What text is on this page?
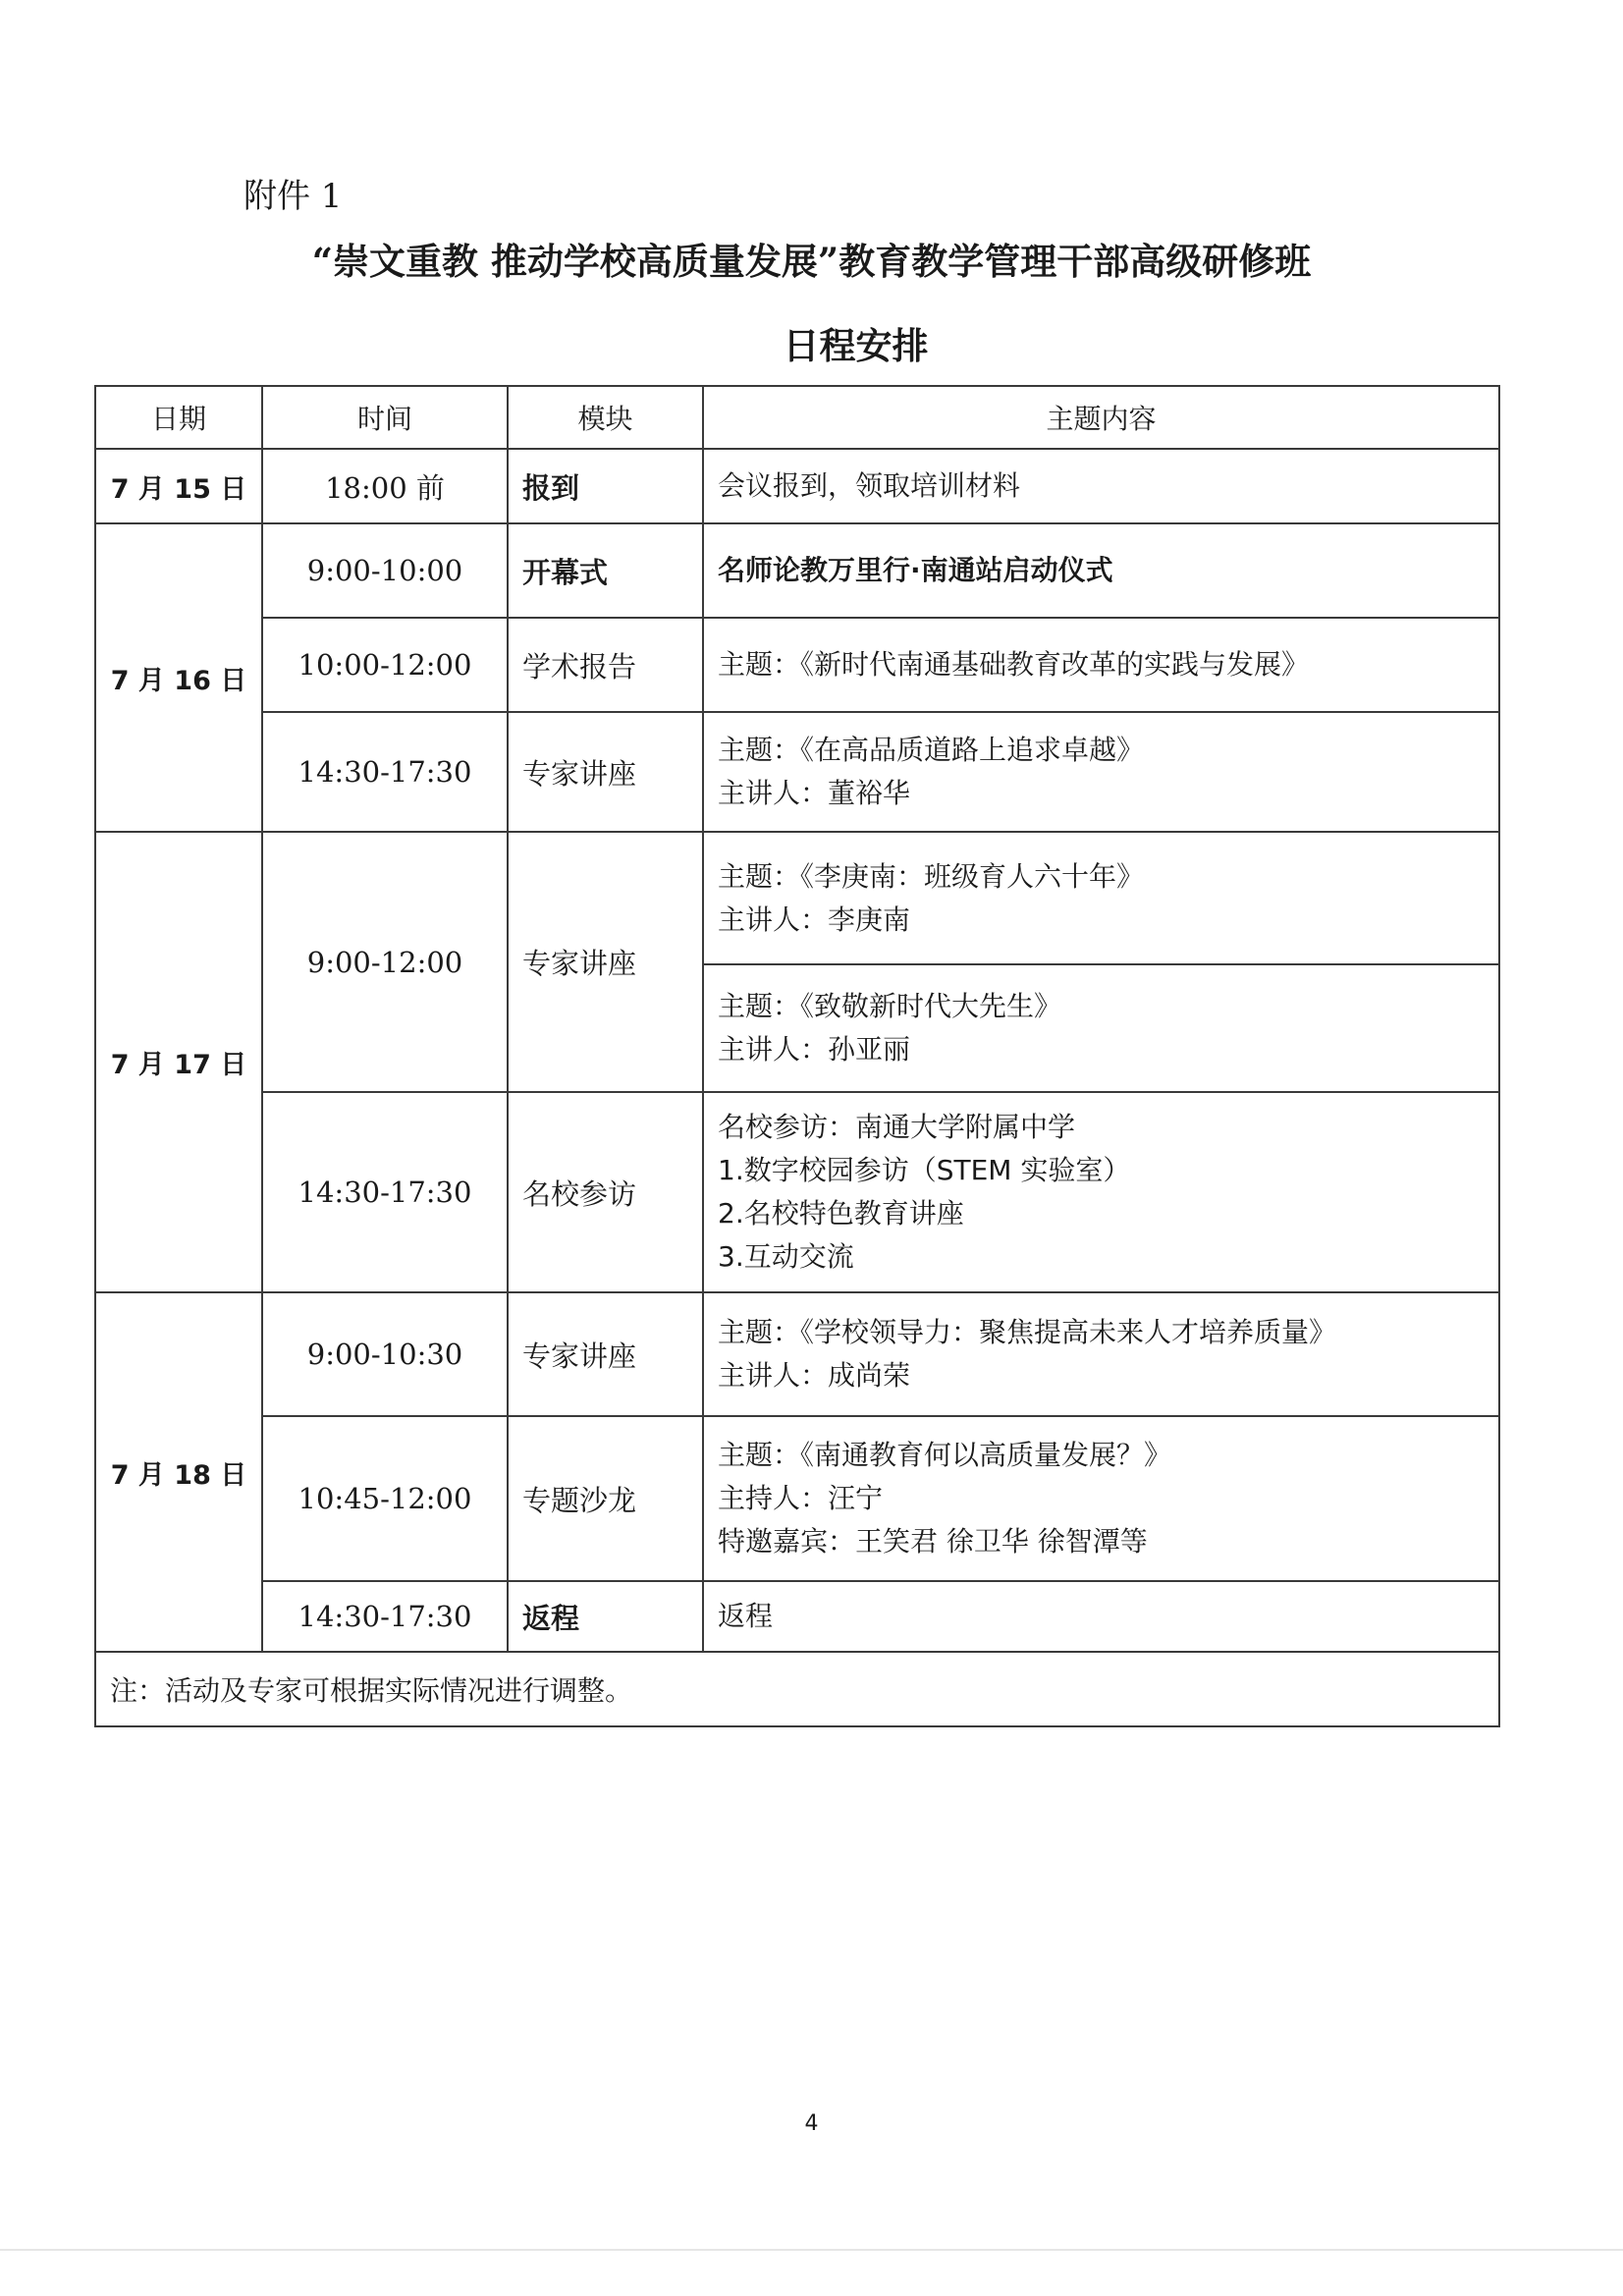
附件 1
“崇文重教 推动学校高质量发展”教育教学管理干部高级研修班
日程安排
日期	时间	模块	主题内容
7 月 15 日	18:00 前	报到	会议报到，领取培训材料

7 月 16 日	9:00-10:00	开幕式	名师论教万里行·南通站启动仪式

	10:00-12:00	学术报告	主题：《新时代南通基础教育改革的实践与发展》

	14:30-17:30	专家讲座	主题：《在高品质道路上追求卓越》
主讲人：董裕华

7 月 17 日	9:00-12:00	专家讲座	主题：《李庚南：班级育人六十年》
主讲人：李庚南

			主题：《致敬新时代大先生》
主讲人：孙亚丽

	14:30-17:30	名校参访	名校参访：南通大学附属中学
1.数字校园参访（STEM 实验室）
2.名校特色教育讲座
3.互动交流

7 月 18 日	9:00-10:30	专家讲座	主题：《学校领导力：聚焦提高未来人才培养质量》
主讲人：成尚荣

	10:45-12:00	专题沙龙	主题：《南通教育何以高质量发展？》
主持人：汪宁
特邀嘉宾：王笑君 徐卫华 徐智潭等

	14:30-17:30	返程	返程

注：活动及专家可根据实际情况进行调整。			
4
